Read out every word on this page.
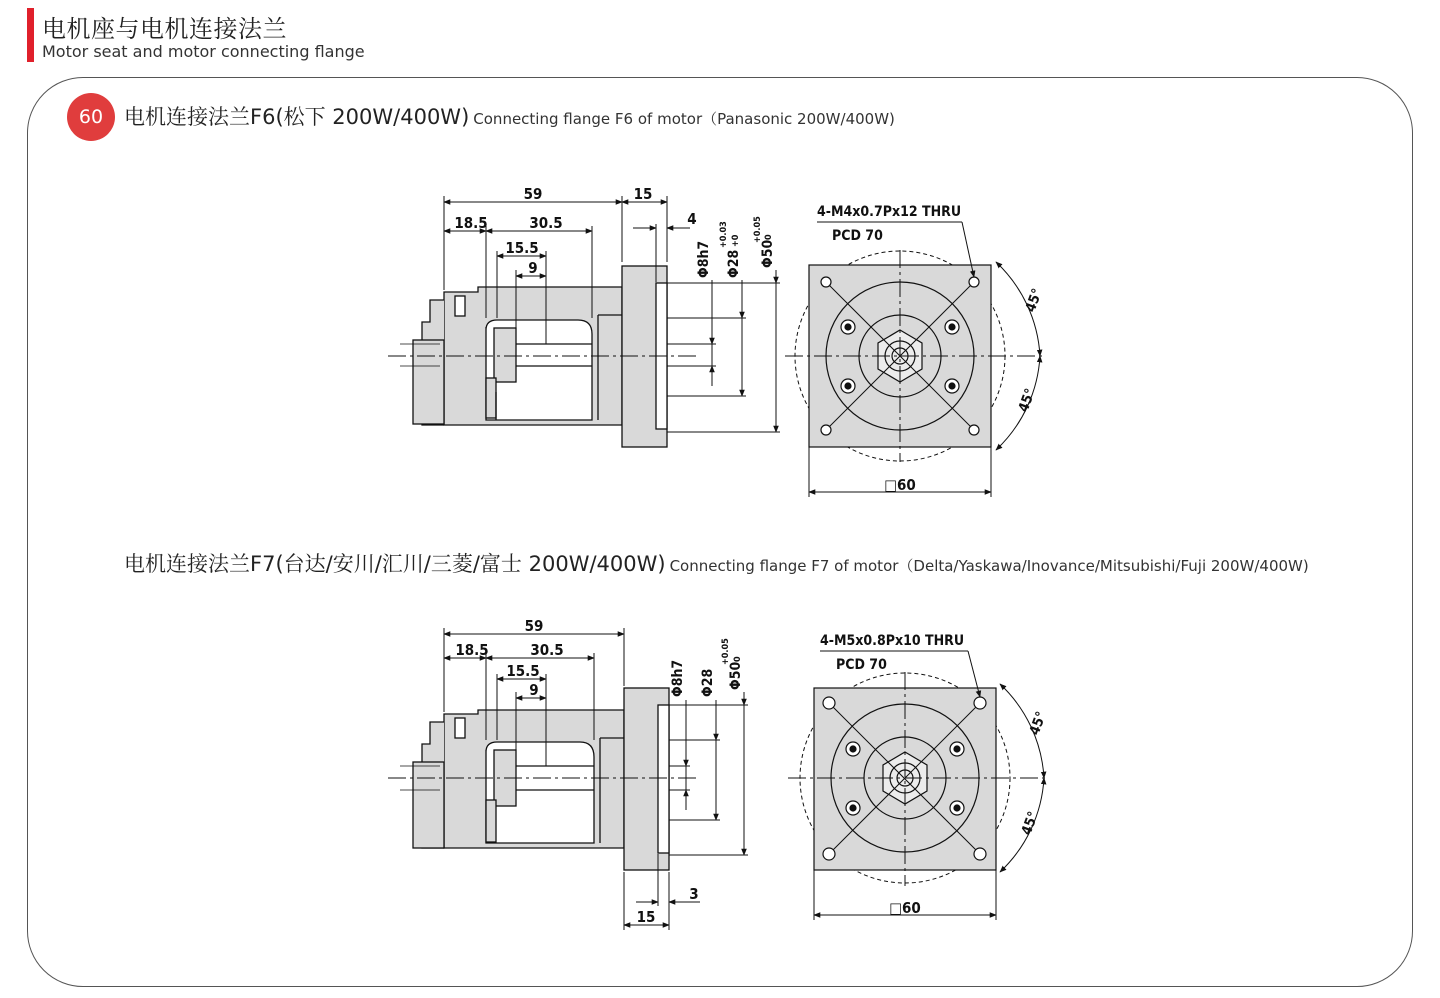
电机座与电机连接法兰
Motor seat and motor connecting flange
60 电机连接法兰F6(松下 200W/400W) Connecting flange F6 of motor（Panasonic 200W/400W)
电机连接法兰F7(台达/安川/汇川/三菱/富士 200W/400W) Connecting flange F7 of motor（Delta/Yaskawa/Inovance/Mitsubishi/Fuji 200W/400W)
59	15
18.5	30.5
15.5
9
4
Φ8h7 Φ28
+0.03 +0 Φ50
+0.05 0
4-M4x0.7Px12 THRU
PCD 70
45°
45°
□60
59
18.5	30.5
15.5
9
3
15
Φ8h7 Φ28 Φ50
+0.05 0
4-M5x0.8Px10 THRU
PCD 70
45°
45°
□60
